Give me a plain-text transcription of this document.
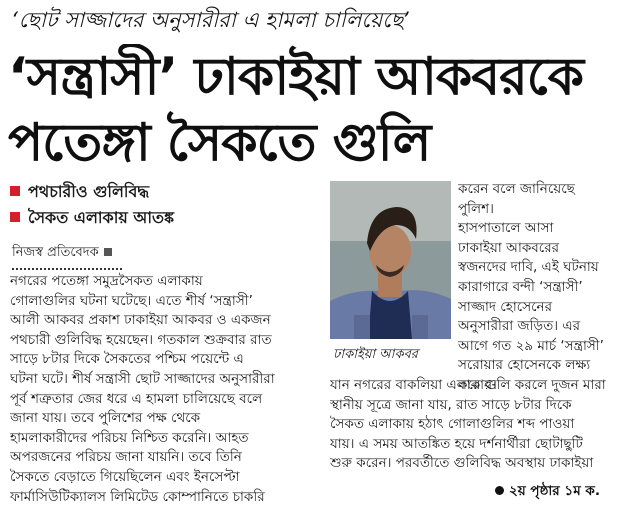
‘ছোট সাজ্জাদের অনুসারীরা এ হামলা চালিয়েছে’
‘সন্ত্রাসী’ ঢাকাইয়া আকবরকে
পতেঙ্গা সৈকতে গুলি
পথচারীও গুলিবিদ্ধ
সৈকত এলাকায় আতঙ্ক
নিজস্ব প্রতিবেদক
নগরের পতেঙ্গা সমুদ্রসৈকত এলাকায়
গোলাগুলির ঘটনা ঘটেছে। এতে শীর্ষ ‘সন্ত্রাসী’
আলী আকবর প্রকাশ ঢাকাইয়া আকবর ও একজন
পথচারী গুলিবিদ্ধ হয়েছেন। গতকাল শুক্রবার রাত
সাড়ে ৮টার দিকে সৈকতের পশ্চিম পয়েন্টে এ
ঘটনা ঘটে। শীর্ষ সন্ত্রাসী ছোট সাজ্জাদের অনুসারীরা
পূর্ব শত্রুতার জের ধরে এ হামলা চালিয়েছে বলে
জানা যায়। তবে পুলিশের পক্ষ থেকে
হামলাকারীদের পরিচয় নিশ্চিত করেনি। আহত
অপরজনের পরিচয় জানা যায়নি। তবে তিনি
সৈকতে বেড়াতে গিয়েছিলেন এবং ইনসেপ্টা
ফার্মাসিউটিক্যালস লিমিটেড কোম্পানিতে চাকরি
ঢাকাইয়া আকবর
করেন বলে জানিয়েছে
পুলিশ।
হাসপাতালে আসা
ঢাকাইয়া আকবরের
স্বজনদের দাবি, এই ঘটনায়
কারাগারে বন্দী ‘সন্ত্রাসী’
সাজ্জাদ হোসেনের
অনুসারীরা জড়িত। এর
আগে গত ২৯ মার্চ ‘সন্ত্রাসী’
সরোয়ার হোসেনকে লক্ষ্য
করে গুলি করলে দুজন মারা
যান নগরের বাকলিয়া এলাকায়।
স্থানীয় সূত্রে জানা যায়, রাত সাড়ে ৮টার দিকে
সৈকত এলাকায় হঠাৎ গোলাগুলির শব্দ পাওয়া
যায়। এ সময় আতঙ্কিত হয়ে দর্শনার্থীরা ছোটাছুটি
শুরু করেন। পরবর্তীতে গুলিবিদ্ধ অবস্থায় ঢাকাইয়া
২য় পৃষ্ঠার ১ম ক.
